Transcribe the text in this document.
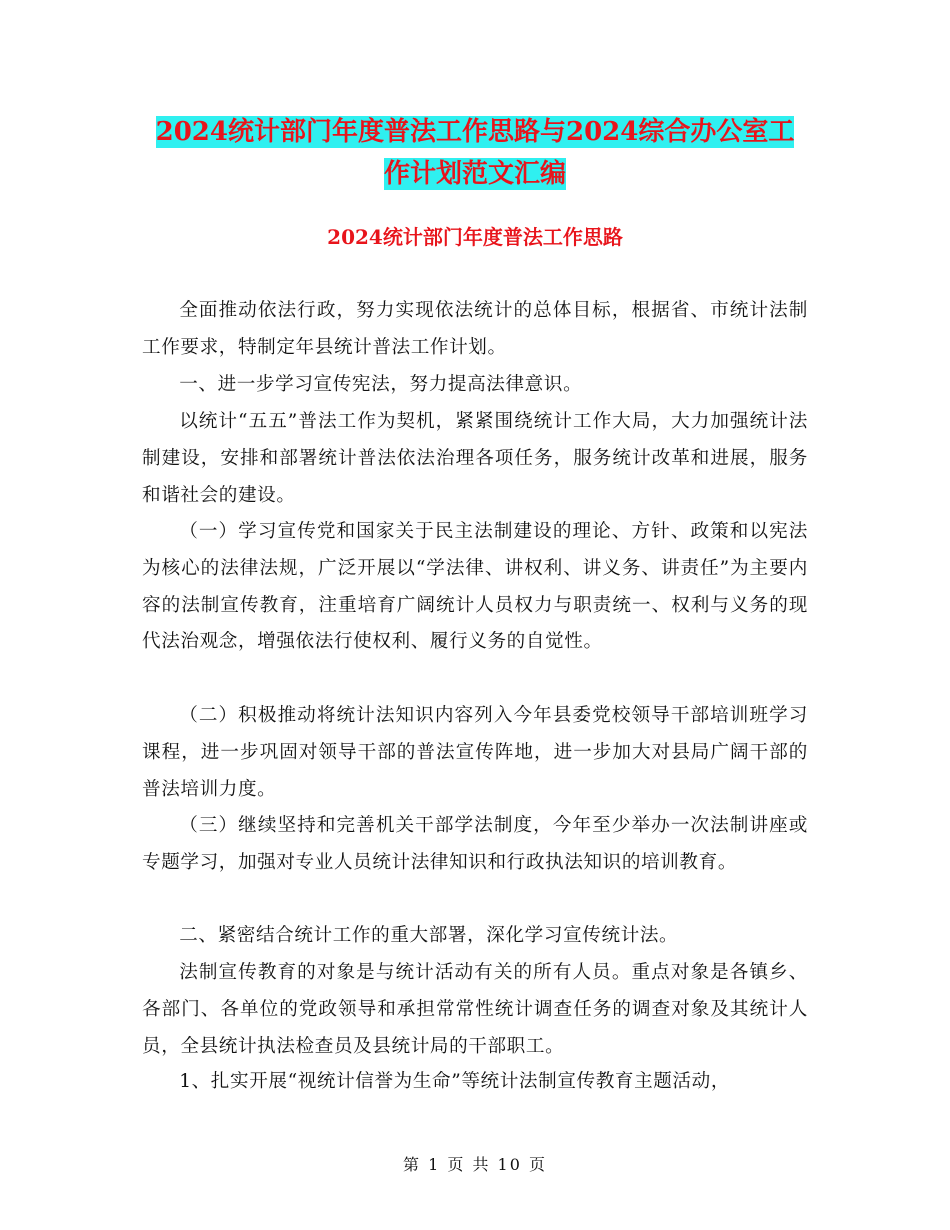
2024统计部门年度普法工作思路与2024综合办公室工
作计划范文汇编
2024统计部门年度普法工作思路
全面推动依法行政，努力实现依法统计的总体目标，根据省、市统计法制工作要求，特制定年县统计普法工作计划。
一、进一步学习宣传宪法，努力提高法律意识。
以统计“五五”普法工作为契机，紧紧围绕统计工作大局，大力加强统计法制建设，安排和部署统计普法依法治理各项任务，服务统计改革和进展，服务和谐社会的建设。
（一）学习宣传党和国家关于民主法制建设的理论、方针、政策和以宪法为核心的法律法规，广泛开展以“学法律、讲权利、讲义务、讲责任”为主要内容的法制宣传教育，注重培育广阔统计人员权力与职责统一、权利与义务的现代法治观念，增强依法行使权利、履行义务的自觉性。
（二）积极推动将统计法知识内容列入今年县委党校领导干部培训班学习课程，进一步巩固对领导干部的普法宣传阵地，进一步加大对县局广阔干部的普法培训力度。
（三）继续坚持和完善机关干部学法制度，今年至少举办一次法制讲座或专题学习，加强对专业人员统计法律知识和行政执法知识的培训教育。
二、紧密结合统计工作的重大部署，深化学习宣传统计法。
法制宣传教育的对象是与统计活动有关的所有人员。重点对象是各镇乡、各部门、各单位的党政领导和承担常常性统计调查任务的调查对象及其统计人员，全县统计执法检查员及县统计局的干部职工。
1、扎实开展“视统计信誉为生命”等统计法制宣传教育主题活动，
第 1 页 共 10 页
